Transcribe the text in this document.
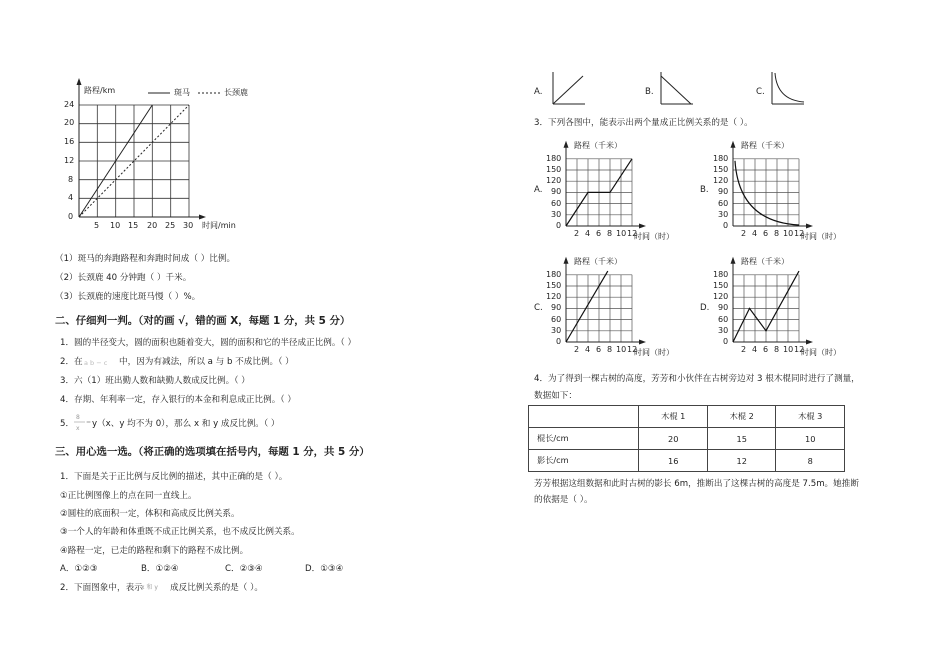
路程/km	斑马	长颈鹿
24
20
16
12
8
4
0
5 10 15 20 25 30 时间/min
（1）斑马的奔跑路程和奔跑时间成（ ）比例。
（2）长颈鹿 40 分钟跑（ ）千米。
（3）长颈鹿的速度比斑马慢（ ）%。
二、仔细判一判。（对的画 √，错的画 X，每题 1 分，共 5 分）
1．圆的半径变大，圆的面积也随着变大，圆的面积和它的半径成正比例。（ ）
2．在 a b − c 中，因为有减法，所以 a 与 b 不成比例。（ ）
3．六（1）班出勤人数和缺勤人数成反比例。（ ）
4．存期、年利率一定，存入银行的本金和利息成正比例。（ ）
5．
8
x
= y（x、y 均不为 0），那么 x 和 y 成反比例。（ ）
三、用心选一选。（将正确的选项填在括号内，每题 1 分，共 5 分）
1．下面是关于正比例与反比例的描述，其中正确的是（ ）。
①正比例图像上的点在同一直线上。
②圆柱的底面积一定，体积和高成反比例关系。
③一个人的年龄和体重既不成正比例关系，也不成反比例关系。
④路程一定，已走的路程和剩下的路程不成比例。
A．①②③	B．①②④	C．②③④	D．①③④
2．下面图象中，表示
x 和 y 成反比例关系的是（ ）。
A.	B.	C.
3．下列各图中，能表示出两个量成正比例关系的是（ ）。
A.
路程（千米）
180
150
120
90
60
30
0
2 4 6 8 10 12
时间（时）
B.
路程（千米）
180
150
120
90
60
30
0
2 4 6 8 10 12
时间（时）
C.
路程（千米）
180
150
120
90
60
30
0
2 4 6 8 10 12
时间（时）
D.
路程（千米）
180
150
120
90
60
30
0
2 4 6 8 10 12
时间（时）
4．为了得到一棵古树的高度，芳芳和小伙伴在古树旁边对 3 根木棍同时进行了测量，
数据如下：
	木棍 1	木棍 2	木棍 3
棍长/cm	20	15	10
影长/cm	16	12	8
芳芳根据这组数据和此时古树的影长 6m，推断出了这棵古树的高度是 7.5m。她推断
的依据是（ ）。
